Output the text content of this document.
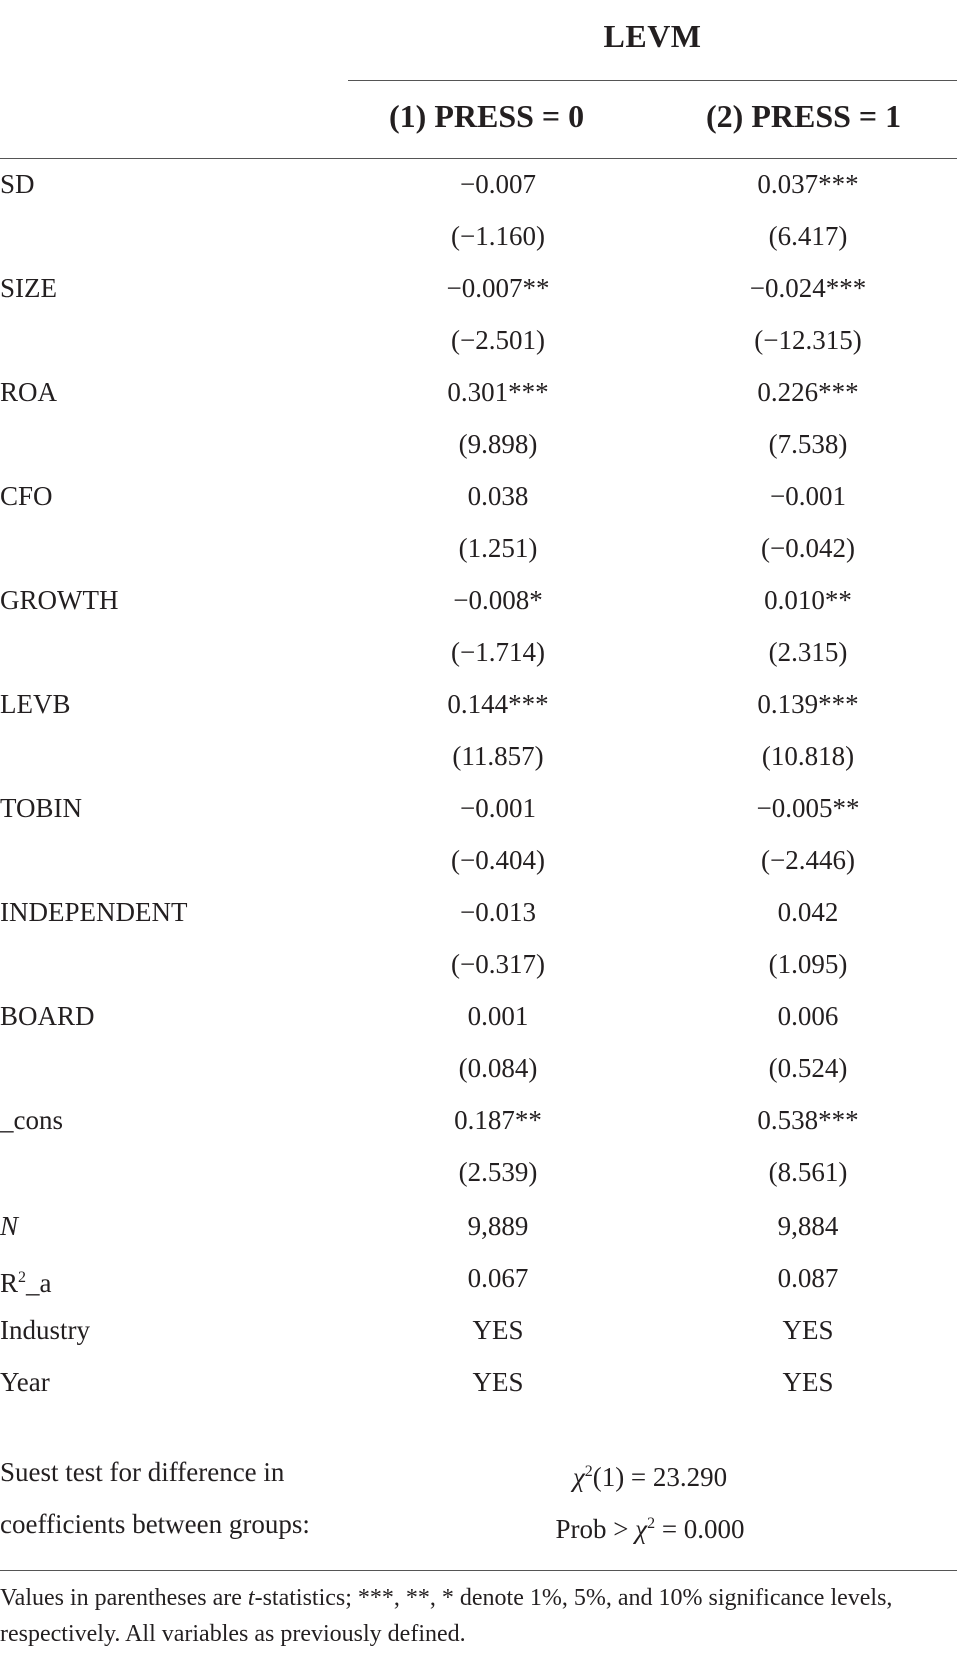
LEVM
(1) PRESS = 0	(2) PRESS = 1
SD	−0.007	0.037***
(−1.160)	(6.417)
SIZE	−0.007**	−0.024***
(−2.501)	(−12.315)
ROA	0.301***	0.226***
(9.898)	(7.538)
CFO	0.038	−0.001
(1.251)	(−0.042)
GROWTH	−0.008*	0.010**
(−1.714)	(2.315)
LEVB	0.144***	0.139***
(11.857)	(10.818)
TOBIN	−0.001	−0.005**
(−0.404)	(−2.446)
INDEPENDENT	−0.013	0.042
(−0.317)	(1.095)
BOARD	0.001	0.006
(0.084)	(0.524)
_cons	0.187**	0.538***
(2.539)	(8.561)
N	9,889	9,884
$R^2\_a$	0.067	0.087
Industry	YES	YES
Year	YES	YES
Suest test for difference in	$\chi^2(1) = 23.290$
coefficients between groups:	Prob > $\chi^2 = 0.000$
Values in parentheses are t-statistics; ***, **, * denote 1%, 5%, and 10% significance levels, respectively. All variables as previously defined.
